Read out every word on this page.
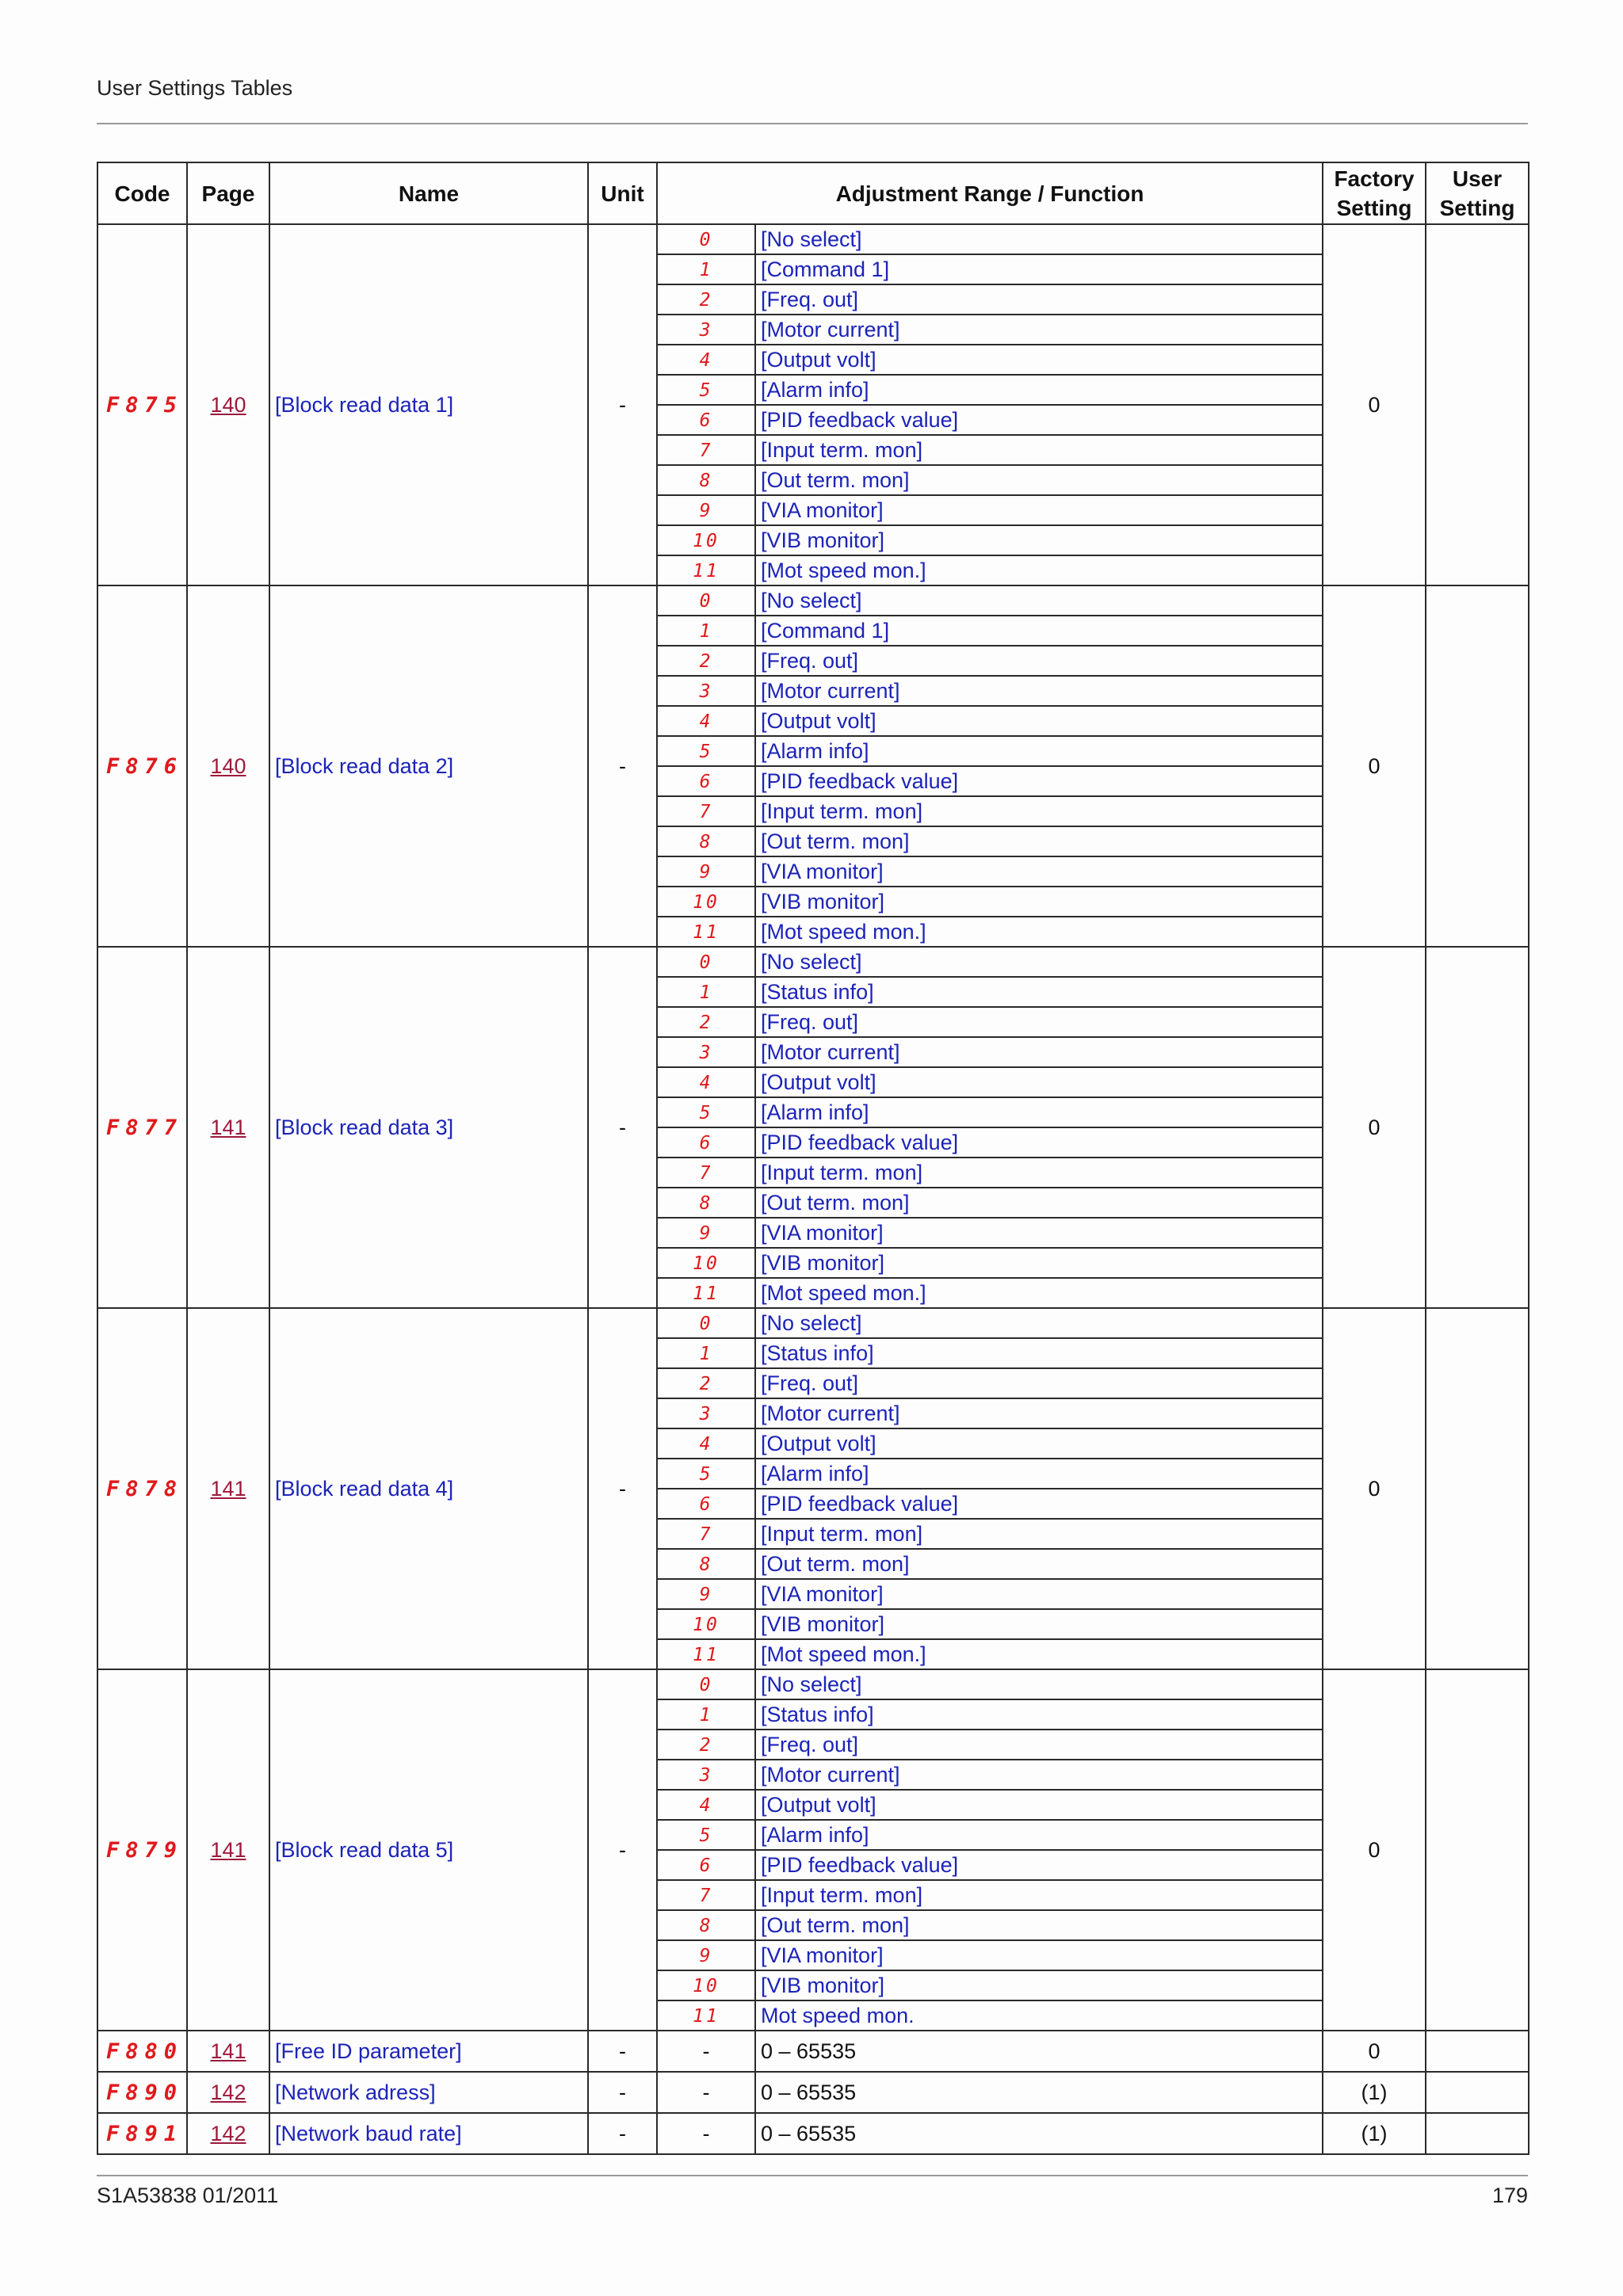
User Settings Tables
Code	Page	Name	Unit	Adjustment Range / Function		Factory
Setting	User
Setting
F875	140	[Block read data 1]	-	0	[No select]	0	
				1	[Command 1]		
				2	[Freq. out]		
				3	[Motor current]		
				4	[Output volt]		
				5	[Alarm info]		
				6	[PID feedback value]		
				7	[Input term. mon]		
				8	[Out term. mon]		
				9	[VIA monitor]		
				10	[VIB monitor]		
				11	[Mot speed mon.]		
F876	140	[Block read data 2]	-	0	[No select]	0	
				1	[Command 1]		
				2	[Freq. out]		
				3	[Motor current]		
				4	[Output volt]		
				5	[Alarm info]		
				6	[PID feedback value]		
				7	[Input term. mon]		
				8	[Out term. mon]		
				9	[VIA monitor]		
				10	[VIB monitor]		
				11	[Mot speed mon.]		
F877	141	[Block read data 3]	-	0	[No select]	0	
				1	[Status info]		
				2	[Freq. out]		
				3	[Motor current]		
				4	[Output volt]		
				5	[Alarm info]		
				6	[PID feedback value]		
				7	[Input term. mon]		
				8	[Out term. mon]		
				9	[VIA monitor]		
				10	[VIB monitor]		
				11	[Mot speed mon.]		
F878	141	[Block read data 4]	-	0	[No select]	0	
				1	[Status info]		
				2	[Freq. out]		
				3	[Motor current]		
				4	[Output volt]		
				5	[Alarm info]		
				6	[PID feedback value]		
				7	[Input term. mon]		
				8	[Out term. mon]		
				9	[VIA monitor]		
				10	[VIB monitor]		
				11	[Mot speed mon.]		
F879	141	[Block read data 5]	-	0	[No select]	0	
				1	[Status info]		
				2	[Freq. out]		
				3	[Motor current]		
				4	[Output volt]		
				5	[Alarm info]		
				6	[PID feedback value]		
				7	[Input term. mon]		
				8	[Out term. mon]		
				9	[VIA monitor]		
				10	[VIB monitor]		
				11	Mot speed mon.		
F880	141	[Free ID parameter]	-	-	0 – 65535	0	
F890	142	[Network adress]	-	-	0 – 65535	(1)	
F891	142	[Network baud rate]	-	-	0 – 65535	(1)	
S1A53838 01/2011	179
